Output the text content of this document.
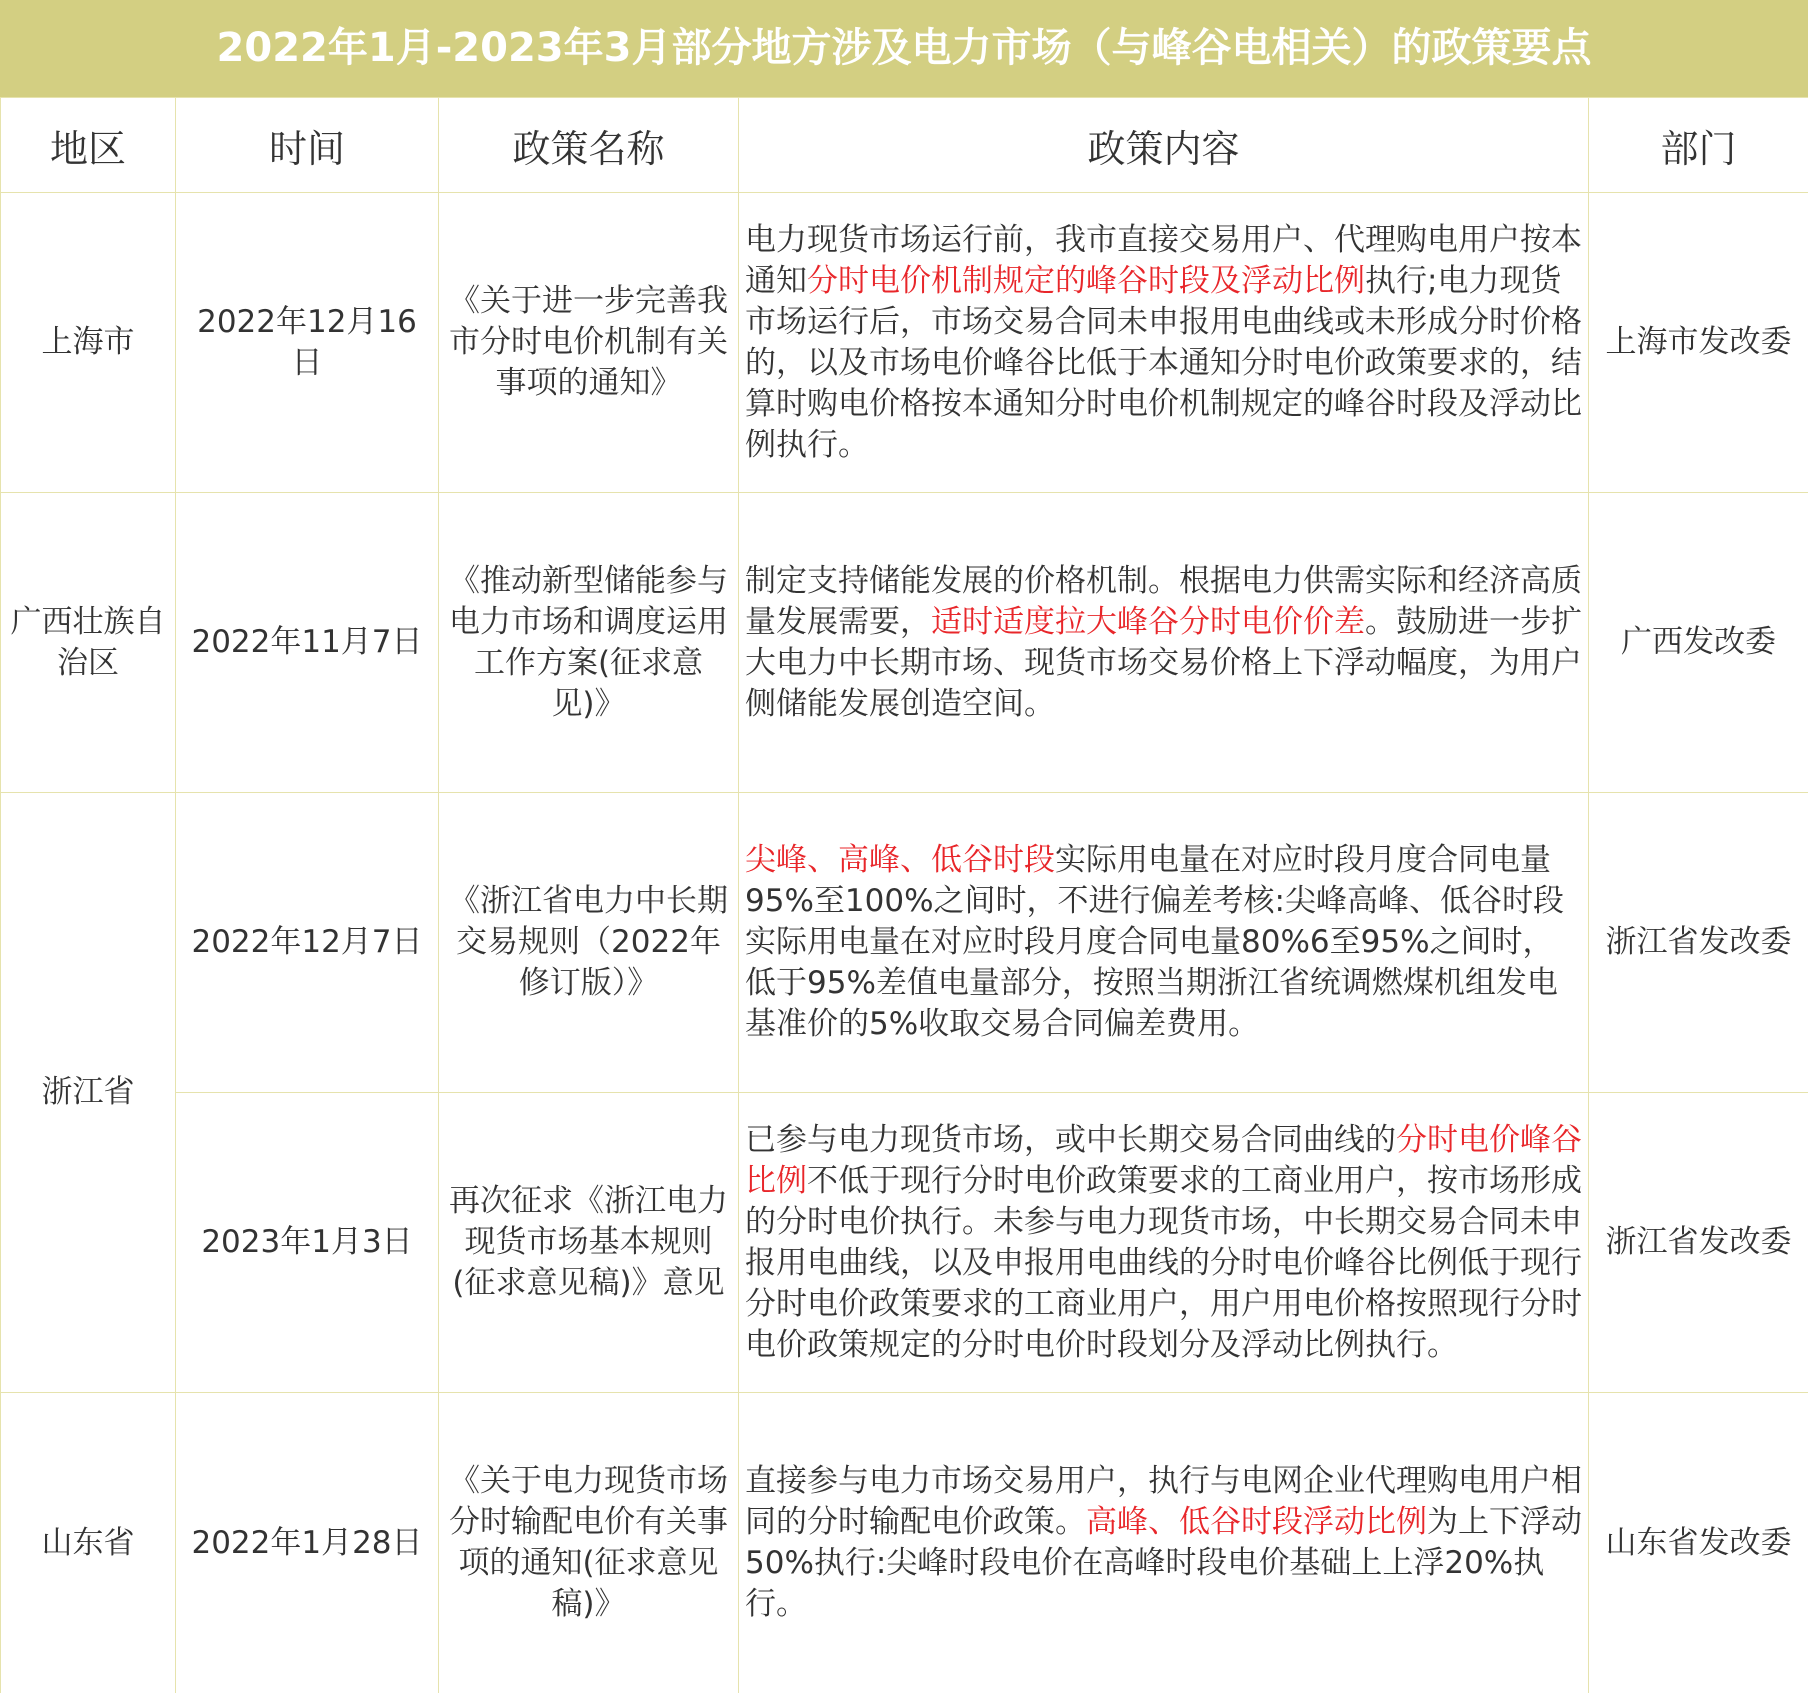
2022年1月-2023年3月部分地方涉及电力市场（与峰谷电相关）的政策要点
地区	时间	政策名称	政策内容	部门
上海市	2022年12月16日	《关于进一步完善我市分时电价机制有关事项的通知》	电力现货市场运行前，我市直接交易用户、代理购电用户按本通知分时电价机制规定的峰谷时段及浮动比例执行;电力现货市场运行后，市场交易合同未申报用电曲线或未形成分时价格的，以及市场电价峰谷比低于本通知分时电价政策要求的，结算时购电价格按本通知分时电价机制规定的峰谷时段及浮动比例执行。	上海市发改委
广西壮族自治区	2022年11月7日	《推动新型储能参与电力市场和调度运用工作方案(征求意见)》	制定支持储能发展的价格机制。根据电力供需实际和经济高质量发展需要，适时适度拉大峰谷分时电价价差。鼓励进一步扩大电力中长期市场、现货市场交易价格上下浮动幅度，为用户侧储能发展创造空间。	广西发改委
浙江省	2022年12月7日	《浙江省电力中长期交易规则（2022年修订版）》	尖峰、高峰、低谷时段实际用电量在对应时段月度合同电量95%至100%之间时，不进行偏差考核:尖峰高峰、低谷时段实际用电量在对应时段月度合同电量80%6至95%之间时，低于95%差值电量部分，按照当期浙江省统调燃煤机组发电基准价的5%收取交易合同偏差费用。	浙江省发改委
	2023年1月3日	再次征求《浙江电力现货市场基本规则(征求意见稿)》意见	已参与电力现货市场，或中长期交易合同曲线的分时电价峰谷比例不低于现行分时电价政策要求的工商业用户，按市场形成的分时电价执行。未参与电力现货市场，中长期交易合同未申报用电曲线，以及申报用电曲线的分时电价峰谷比例低于现行分时电价政策要求的工商业用户，用户用电价格按照现行分时电价政策规定的分时电价时段划分及浮动比例执行。	浙江省发改委
山东省	2022年1月28日	《关于电力现货市场分时输配电价有关事项的通知(征求意见稿)》	直接参与电力市场交易用户，执行与电网企业代理购电用户相同的分时输配电价政策。高峰、低谷时段浮动比例为上下浮动50%执行:尖峰时段电价在高峰时段电价基础上上浮20%执行。	山东省发改委
